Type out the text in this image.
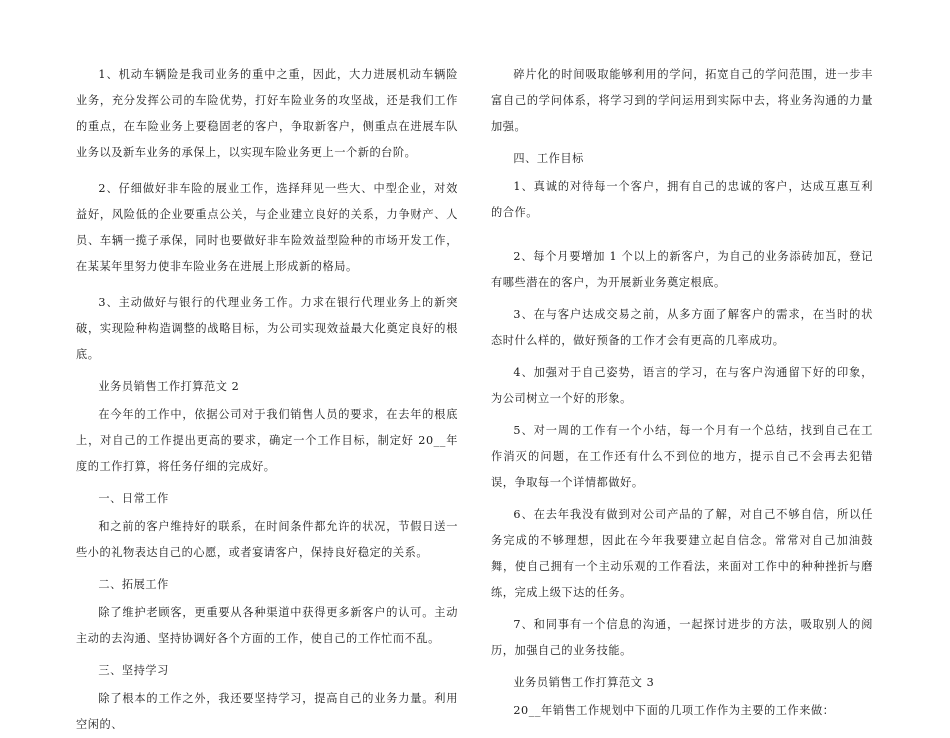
1、机动车辆险是我司业务的重中之重，因此，大力进展机动车辆险业务，充分发挥公司的车险优势，打好车险业务的攻坚战，还是我们工作的重点，在车险业务上要稳固老的客户，争取新客户，侧重点在进展车队业务以及新车业务的承保上，以实现车险业务更上一个新的台阶。

2、仔细做好非车险的展业工作，选择拜见一些大、中型企业，对效益好，风险低的企业要重点公关，与企业建立良好的关系，力争财产、人员、车辆一揽子承保，同时也要做好非车险效益型险种的市场开发工作，在某某年里努力使非车险业务在进展上形成新的格局。

3、主动做好与银行的代理业务工作。力求在银行代理业务上的新突破，实现险种构造调整的战略目标，为公司实现效益最大化奠定良好的根底。

业务员销售工作打算范文 2

在今年的工作中，依据公司对于我们销售人员的要求，在去年的根底上，对自己的工作提出更高的要求，确定一个工作目标，制定好 20__年度的工作打算，将任务仔细的完成好。

一、日常工作

和之前的客户维持好的联系，在时间条件都允许的状况，节假日送一些小的礼物表达自己的心愿，或者宴请客户，保持良好稳定的关系。

二、拓展工作

除了维护老顾客，更重要从各种渠道中获得更多新客户的认可。主动主动的去沟通、坚持协调好各个方面的工作，使自己的工作忙而不乱。

三、坚持学习

除了根本的工作之外，我还要坚持学习，提高自己的业务力量。利用空闲的、

碎片化的时间吸取能够利用的学问，拓宽自己的学问范围，进一步丰富自己的学问体系，将学习到的学问运用到实际中去，将业务沟通的力量加强。

四、工作目标

1、真诚的对待每一个客户，拥有自己的忠诚的客户，达成互惠互利的合作。

2、每个月要增加 1 个以上的新客户，为自己的业务添砖加瓦，登记有哪些潜在的客户，为开展新业务奠定根底。

3、在与客户达成交易之前，从多方面了解客户的需求，在当时的状态时什么样的，做好预备的工作才会有更高的几率成功。

4、加强对于自己姿势，语言的学习，在与客户沟通留下好的印象，为公司树立一个好的形象。

5、对一周的工作有一个小结，每一个月有一个总结，找到自己在工作消灭的问题，在工作还有什么不到位的地方，提示自己不会再去犯错误，争取每一个详情都做好。

6、在去年我没有做到对公司产品的了解，对自己不够自信，所以任务完成的不够理想，因此在今年我要建立起自信念。常常对自己加油鼓舞，使自己拥有一个主动乐观的工作看法，来面对工作中的种种挫折与磨练，完成上级下达的任务。

7、和同事有一个信息的沟通，一起探讨进步的方法，吸取别人的阅历，加强自己的业务技能。

业务员销售工作打算范文 3

20__年销售工作规划中下面的几项工作作为主要的工作来做：
